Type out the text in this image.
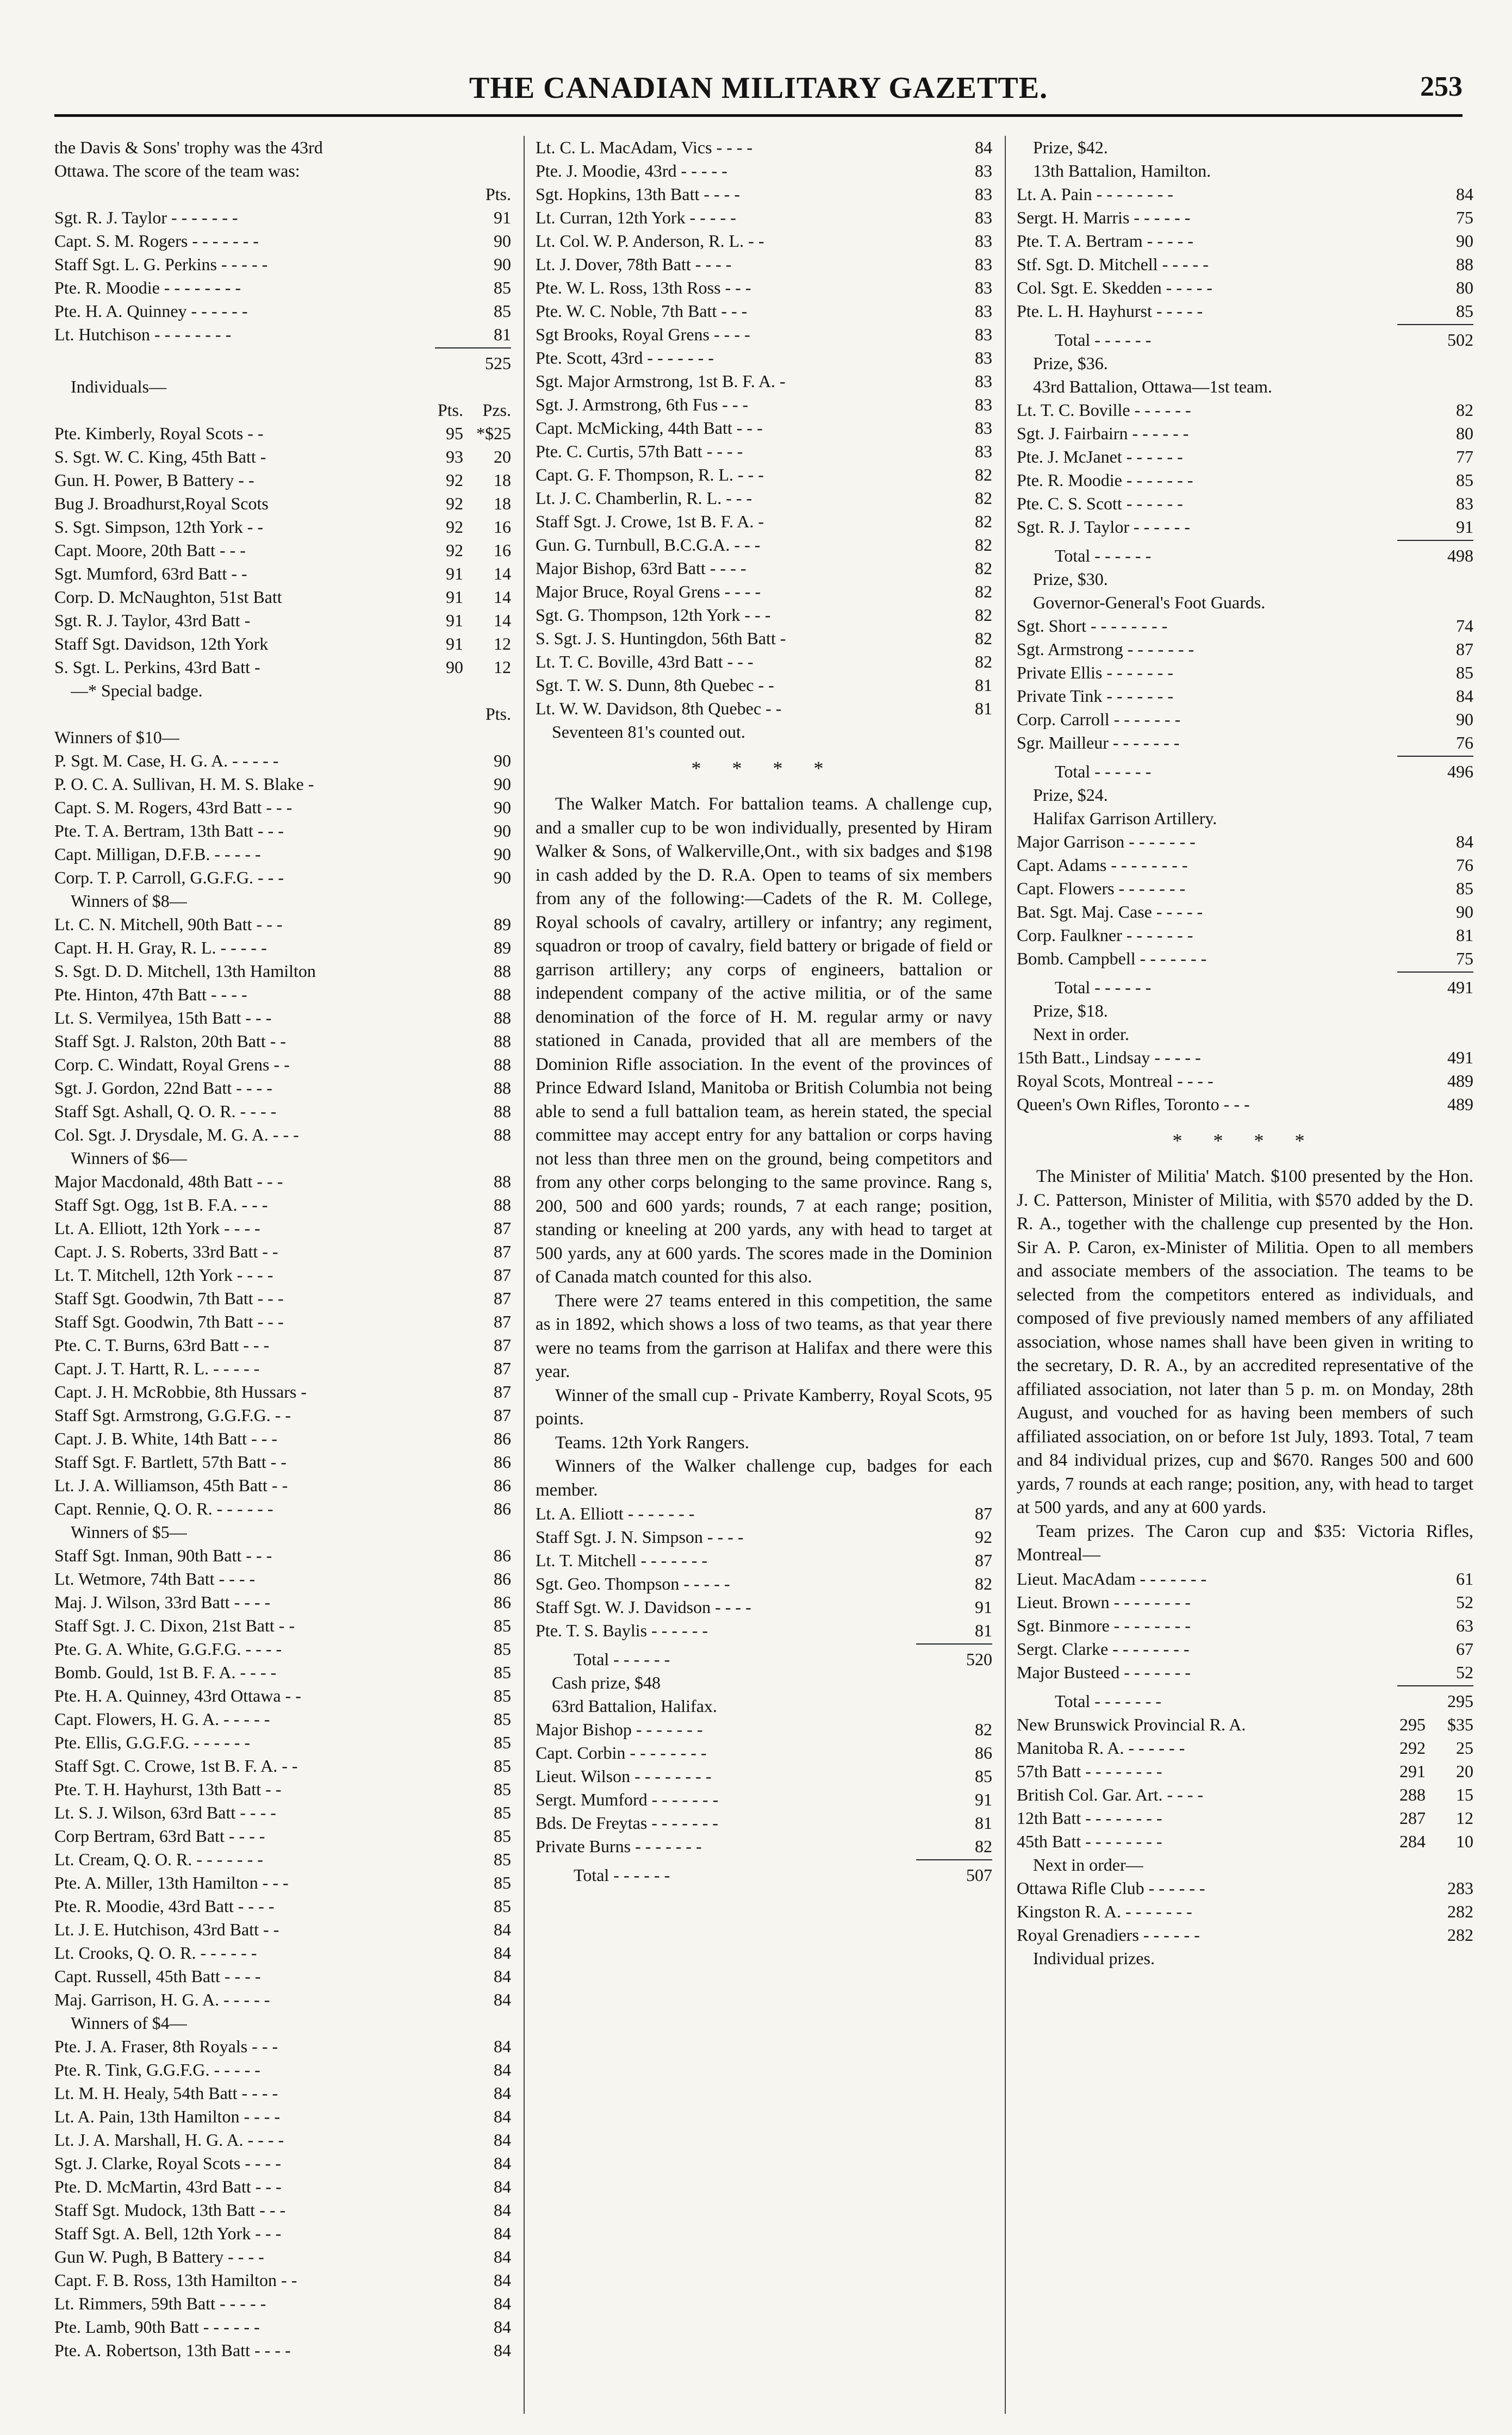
THE CANADIAN MILITARY GAZETTE.	253
the Davis & Sons' trophy was the 43rd
Ottawa. The score of the team was:
Pts.
Sgt. R. J. Taylor - - - - - - -	91
Capt. S. M. Rogers - - - - - - -	90
Staff Sgt. L. G. Perkins - - - - -	90
Pte. R. Moodie - - - - - - - -	85
Pte. H. A. Quinney - - - - - -	85
Lt. Hutchison - - - - - - - -	81
525
Individuals—
Pts.	Pzs.
Pte. Kimberly, Royal Scots - -	95 *$25
S. Sgt. W. C. King, 45th Batt -	93	20
Gun. H. Power, B Battery - -	92	18
Bug J. Broadhurst,Royal Scots	92	18
S. Sgt. Simpson, 12th York - -	92	16
Capt. Moore, 20th Batt - - -	92	16
Sgt. Mumford, 63rd Batt - -	91	14
Corp. D. McNaughton, 51st Batt	91	14
Sgt. R. J. Taylor, 43rd Batt -	91	14
Staff Sgt. Davidson, 12th York	91	12
S. Sgt. L. Perkins, 43rd Batt -	90	12
—* Special badge.
Pts.
Winners of $10—
P. Sgt. M. Case, H. G. A. - - - - -	90
P. O. C. A. Sullivan, H. M. S. Blake -	90
Capt. S. M. Rogers, 43rd Batt - - -	90
Pte. T. A. Bertram, 13th Batt - - -	90
Capt. Milligan, D.F.B. - - - - -	90
Corp. T. P. Carroll, G.G.F.G. - - -	90
Winners of $8—
Lt. C. N. Mitchell, 90th Batt - - -	89
Capt. H. H. Gray, R. L. - - - - -	89
S. Sgt. D. D. Mitchell, 13th Hamilton	88
Pte. Hinton, 47th Batt - - - -	88
Lt. S. Vermilyea, 15th Batt - - -	88
Staff Sgt. J. Ralston, 20th Batt - -	88
Corp. C. Windatt, Royal Grens - -	88
Sgt. J. Gordon, 22nd Batt - - - -	88
Staff Sgt. Ashall, Q. O. R. - - - -	88
Col. Sgt. J. Drysdale, M. G. A. - - -	88
Winners of $6—
Major Macdonald, 48th Batt - - -	88
Staff Sgt. Ogg, 1st B. F.A. - - -	88
Lt. A. Elliott, 12th York - - - -	87
Capt. J. S. Roberts, 33rd Batt - -	87
Lt. T. Mitchell, 12th York - - - -	87
Staff Sgt. Goodwin, 7th Batt - - -	87
Staff Sgt. Goodwin, 7th Batt - - -	87
Pte. C. T. Burns, 63rd Batt - - -	87
Capt. J. T. Hartt, R. L. - - - - -	87
Capt. J. H. McRobbie, 8th Hussars -	87
Staff Sgt. Armstrong, G.G.F.G. - -	87
Capt. J. B. White, 14th Batt - - -	86
Staff Sgt. F. Bartlett, 57th Batt - -	86
Lt. J. A. Williamson, 45th Batt - -	86
Capt. Rennie, Q. O. R. - - - - - -	86
Winners of $5—
Staff Sgt. Inman, 90th Batt - - -	86
Lt. Wetmore, 74th Batt - - - -	86
Maj. J. Wilson, 33rd Batt - - - -	86
Staff Sgt. J. C. Dixon, 21st Batt - -	85
Pte. G. A. White, G.G.F.G. - - - -	85
Bomb. Gould, 1st B. F. A. - - - -	85
Pte. H. A. Quinney, 43rd Ottawa - -	85
Capt. Flowers, H. G. A. - - - - -	85
Pte. Ellis, G.G.F.G. - - - - - -	85
Staff Sgt. C. Crowe, 1st B. F. A. - -	85
Pte. T. H. Hayhurst, 13th Batt - -	85
Lt. S. J. Wilson, 63rd Batt - - - -	85
Corp Bertram, 63rd Batt - - - -	85
Lt. Cream, Q. O. R. - - - - - - -	85
Pte. A. Miller, 13th Hamilton - - -	85
Pte. R. Moodie, 43rd Batt - - - -	85
Lt. J. E. Hutchison, 43rd Batt - -	84
Lt. Crooks, Q. O. R. - - - - - -	84
Capt. Russell, 45th Batt - - - -	84
Maj. Garrison, H. G. A. - - - - -	84
Winners of $4—
Pte. J. A. Fraser, 8th Royals - - -	84
Pte. R. Tink, G.G.F.G. - - - - -	84
Lt. M. H. Healy, 54th Batt - - - -	84
Lt. A. Pain, 13th Hamilton - - - -	84
Lt. J. A. Marshall, H. G. A. - - - -	84
Sgt. J. Clarke, Royal Scots - - - -	84
Pte. D. McMartin, 43rd Batt - - -	84
Staff Sgt. Mudock, 13th Batt - - -	84
Staff Sgt. A. Bell, 12th York - - -	84
Gun W. Pugh, B Battery - - - -	84
Capt. F. B. Ross, 13th Hamilton - -	84
Lt. Rimmers, 59th Batt - - - - -	84
Pte. Lamb, 90th Batt - - - - - -	84
Pte. A. Robertson, 13th Batt - - - -	84
Lt. C. L. MacAdam, Vics - - - -	84
Pte. J. Moodie, 43rd - - - - -	83
Sgt. Hopkins, 13th Batt - - - -	83
Lt. Curran, 12th York - - - - -	83
Lt. Col. W. P. Anderson, R. L. - -	83
Lt. J. Dover, 78th Batt - - - -	83
Pte. W. L. Ross, 13th Ross - - -	83
Pte. W. C. Noble, 7th Batt - - -	83
Sgt Brooks, Royal Grens - - - -	83
Pte. Scott, 43rd - - - - - - -	83
Sgt. Major Armstrong, 1st B. F. A. -	83
Sgt. J. Armstrong, 6th Fus - - -	83
Capt. McMicking, 44th Batt - - -	83
Pte. C. Curtis, 57th Batt - - - -	83
Capt. G. F. Thompson, R. L. - - -	82
Lt. J. C. Chamberlin, R. L. - - -	82
Staff Sgt. J. Crowe, 1st B. F. A. -	82
Gun. G. Turnbull, B.C.G.A. - - -	82
Major Bishop, 63rd Batt - - - -	82
Major Bruce, Royal Grens - - - -	82
Sgt. G. Thompson, 12th York - - -	82
S. Sgt. J. S. Huntingdon, 56th Batt -	82
Lt. T. C. Boville, 43rd Batt - - -	82
Sgt. T. W. S. Dunn, 8th Quebec - -	81
Lt. W. W. Davidson, 8th Quebec - -	81
Seventeen 81's counted out.
* * * *

The Walker Match. For battalion teams. A challenge cup, and a smaller cup to be won individually, presented by Hiram Walker & Sons, of Walkerville,Ont., with six badges and $198 in cash added by the D. R.A. Open to teams of six members from any of the following:—Cadets of the R. M. College, Royal schools of cavalry, artillery or infantry; any regiment, squadron or troop of cavalry, field battery or brigade of field or garrison artillery; any corps of engineers, battalion or independent company of the active militia, or of the same denomination of the force of H. M. regular army or navy stationed in Canada, provided that all are members of the Dominion Rifle association. In the event of the provinces of Prince Edward Island, Manitoba or British Columbia not being able to send a full battalion team, as herein stated, the special committee may accept entry for any battalion or corps having not less than three men on the ground, being competitors and from any other corps belonging to the same province. Rang s, 200, 500 and 600 yards; rounds, 7 at each range; position, standing or kneeling at 200 yards, any with head to target at 500 yards, any at 600 yards. The scores made in the Dominion of Canada match counted for this also.

There were 27 teams entered in this competition, the same as in 1892, which shows a loss of two teams, as that year there were no teams from the garrison at Halifax and there were this year.

Winner of the small cup - Private Kamberry, Royal Scots, 95 points.

Teams. 12th York Rangers.

Winners of the Walker challenge cup, badges for each member.

Lt. A. Elliott - - - - - - -	87
Staff Sgt. J. N. Simpson - - - -	92
Lt. T. Mitchell - - - - - - -	87
Sgt. Geo. Thompson - - - - -	82
Staff Sgt. W. J. Davidson - - - -	91
Pte. T. S. Baylis - - - - - -	81
Total - - - - - -	520
Cash prize, $48
63rd Battalion, Halifax.
Major Bishop - - - - - - -	82
Capt. Corbin - - - - - - - -	86
Lieut. Wilson - - - - - - - -	85
Sergt. Mumford - - - - - - -	91
Bds. De Freytas - - - - - - -	81
Private Burns - - - - - - -	82
Total - - - - - -	507
Prize, $42.
13th Battalion, Hamilton.
Lt. A. Pain - - - - - - - -	84
Sergt. H. Marris - - - - - -	75
Pte. T. A. Bertram - - - - -	90
Stf. Sgt. D. Mitchell - - - - -	88
Col. Sgt. E. Skedden - - - - -	80
Pte. L. H. Hayhurst - - - - -	85
Total - - - - - -	502
Prize, $36.
43rd Battalion, Ottawa—1st team.
Lt. T. C. Boville - - - - - -	82
Sgt. J. Fairbairn - - - - - -	80
Pte. J. McJanet - - - - - -	77
Pte. R. Moodie - - - - - - -	85
Pte. C. S. Scott - - - - - -	83
Sgt. R. J. Taylor - - - - - -	91
Total - - - - - -	498
Prize, $30.
Governor-General's Foot Guards.
Sgt. Short - - - - - - - -	74
Sgt. Armstrong - - - - - - -	87
Private Ellis - - - - - - -	85
Private Tink - - - - - - -	84
Corp. Carroll - - - - - - -	90
Sgr. Mailleur - - - - - - -	76
Total - - - - - -	496
Prize, $24.
Halifax Garrison Artillery.
Major Garrison - - - - - - -	84
Capt. Adams - - - - - - - -	76
Capt. Flowers - - - - - - -	85
Bat. Sgt. Maj. Case - - - - -	90
Corp. Faulkner - - - - - - -	81
Bomb. Campbell - - - - - - -	75
Total - - - - - -	491
Prize, $18.
Next in order.
15th Batt., Lindsay - - - - -	491
Royal Scots, Montreal - - - -	489
Queen's Own Rifles, Toronto - - -	489
* * * *

The Minister of Militia' Match. $100 presented by the Hon. J. C. Patterson, Minister of Militia, with $570 added by the D. R. A., together with the challenge cup presented by the Hon. Sir A. P. Caron, ex-Minister of Militia. Open to all members and associate members of the association. The teams to be selected from the competitors entered as individuals, and composed of five previously named members of any affiliated association, whose names shall have been given in writing to the secretary, D. R. A., by an accredited representative of the affiliated association, not later than 5 p. m. on Monday, 28th August, and vouched for as having been members of such affiliated association, on or before 1st July, 1893. Total, 7 team and 84 individual prizes, cup and $670. Ranges 500 and 600 yards, 7 rounds at each range; position, any, with head to target at 500 yards, and any at 600 yards.

Team prizes. The Caron cup and $35: Victoria Rifles, Montreal—

Lieut. MacAdam - - - - - - -	61
Lieut. Brown - - - - - - - -	52
Sgt. Binmore - - - - - - - -	63
Sergt. Clarke - - - - - - - -	67
Major Busteed - - - - - - -	52
Total - - - - - - -	295
New Brunswick Provincial R. A.	295	$35
Manitoba R. A. - - - - - -	292	25
57th Batt - - - - - - - -	291	20
British Col. Gar. Art. - - - -	288	15
12th Batt - - - - - - - -	287	12
45th Batt - - - - - - - -	284	10
Next in order—
Ottawa Rifle Club - - - - - -	283
Kingston R. A. - - - - - - -	282
Royal Grenadiers - - - - - -	282
Individual prizes.
